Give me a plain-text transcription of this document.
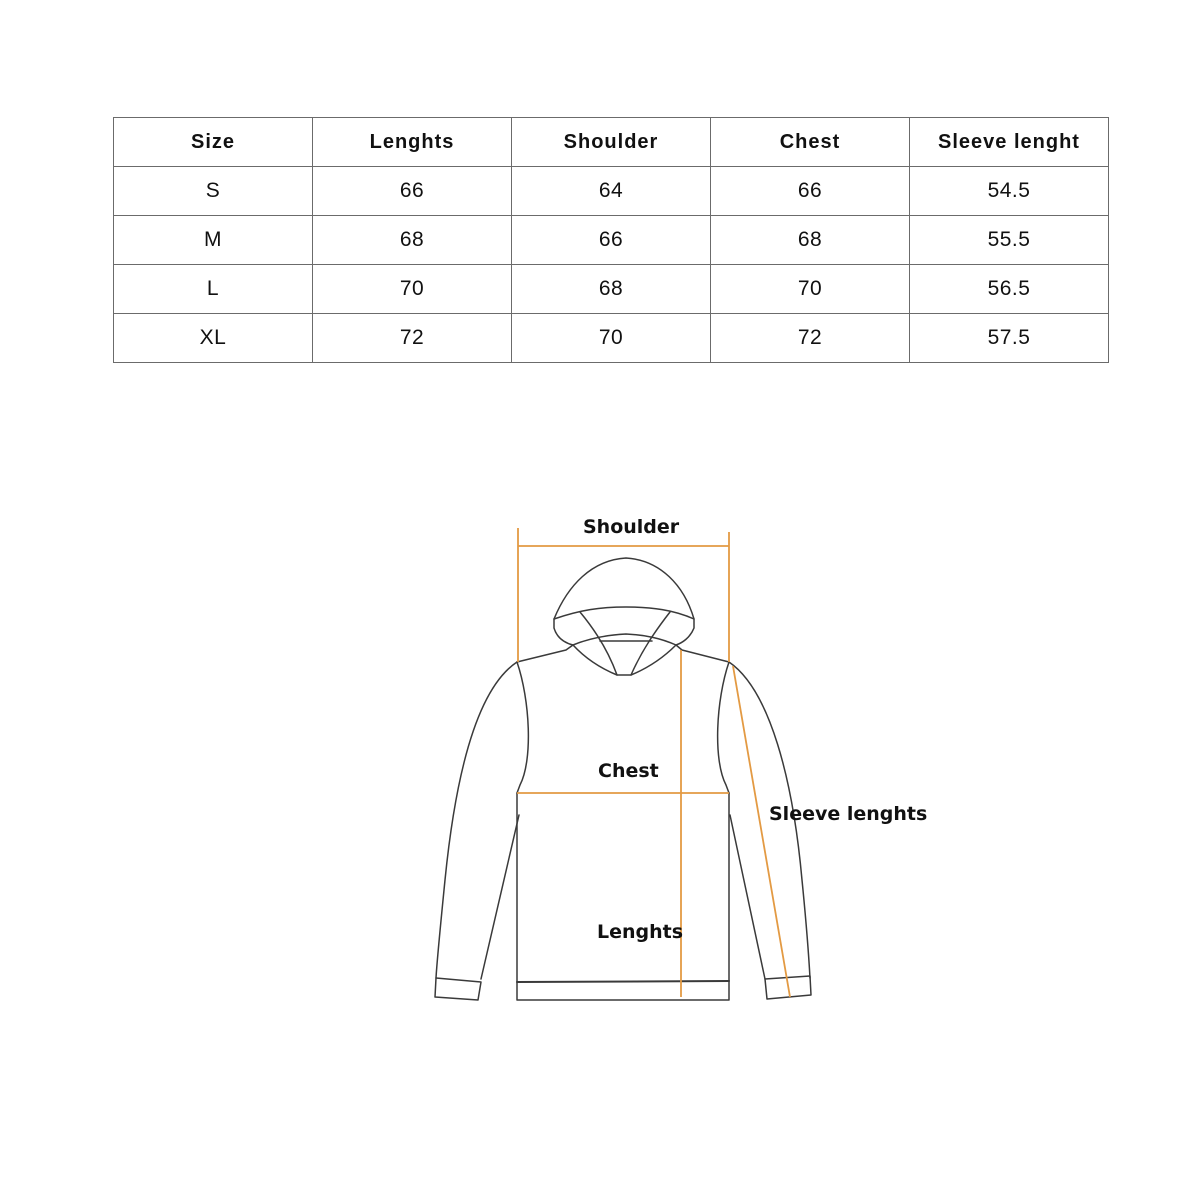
Size	Lenghts	Shoulder	Chest	Sleeve lenght
S	66	64	66	54.5
M	68	66	68	55.5
L	70	68	70	56.5
XL	72	70	72	57.5
Shoulder
Chest
Sleeve lenghts
Lenghts
